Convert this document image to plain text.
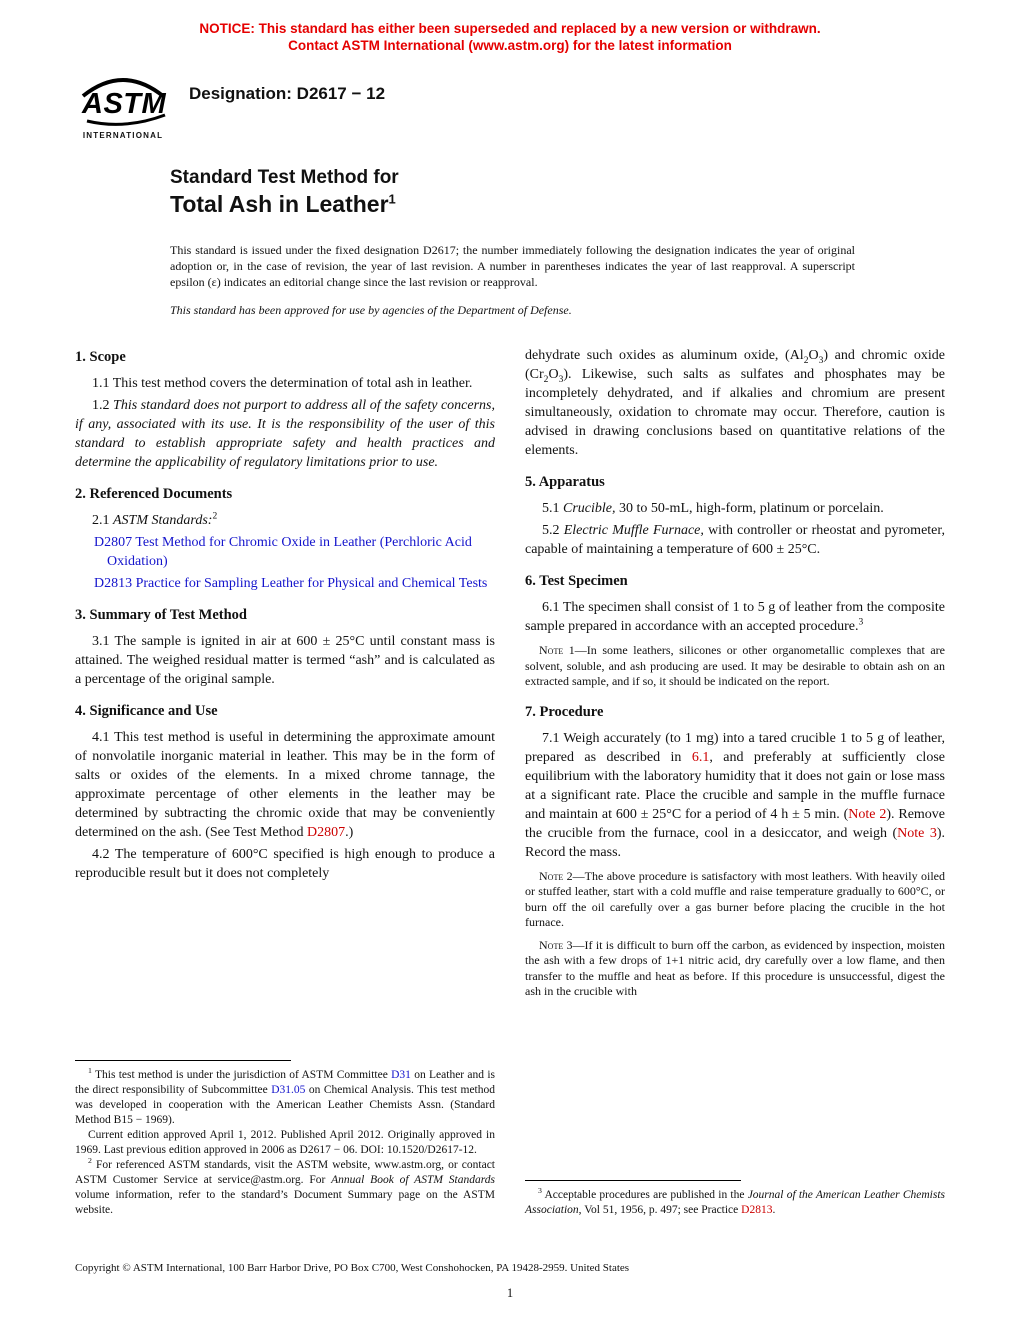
NOTICE: This standard has either been superseded and replaced by a new version or withdrawn.
Contact ASTM International (www.astm.org) for the latest information
ASTM
INTERNATIONAL
Designation: D2617 − 12
Standard Test Method for
Total Ash in Leather$^1$
This standard is issued under the fixed designation D2617; the number immediately following the designation indicates the year of original adoption or, in the case of revision, the year of last revision. A number in parentheses indicates the year of last reapproval. A superscript epsilon (ε) indicates an editorial change since the last revision or reapproval.
This standard has been approved for use by agencies of the Department of Defense.
1. Scope
1.1 This test method covers the determination of total ash in leather.
1.2 This standard does not purport to address all of the safety concerns, if any, associated with its use. It is the responsibility of the user of this standard to establish appropriate safety and health practices and determine the applicability of regulatory limitations prior to use.
2. Referenced Documents
2.1 ASTM Standards:$^2$
D2807 Test Method for Chromic Oxide in Leather (Perchloric Acid Oxidation)
D2813 Practice for Sampling Leather for Physical and Chemical Tests
3. Summary of Test Method
3.1 The sample is ignited in air at 600 ± 25°C until constant mass is attained. The weighed residual matter is termed “ash” and is calculated as a percentage of the original sample.
4. Significance and Use
4.1 This test method is useful in determining the approximate amount of nonvolatile inorganic material in leather. This may be in the form of salts or oxides of the elements. In a mixed chrome tannage, the approximate percentage of other elements in the leather may be determined by subtracting the chromic oxide that may be conveniently determined on the ash. (See Test Method D2807.)
4.2 The temperature of 600°C specified is high enough to produce a reproducible result but it does not completely
$^1$ This test method is under the jurisdiction of ASTM Committee D31 on Leather and is the direct responsibility of Subcommittee D31.05 on Chemical Analysis. This test method was developed in cooperation with the American Leather Chemists Assn. (Standard Method B15 − 1969).
Current edition approved April 1, 2012. Published April 2012. Originally approved in 1969. Last previous edition approved in 2006 as D2617 − 06. DOI: 10.1520/D2617-12.
$^2$ For referenced ASTM standards, visit the ASTM website, www.astm.org, or contact ASTM Customer Service at service@astm.org. For Annual Book of ASTM Standards volume information, refer to the standard’s Document Summary page on the ASTM website.
dehydrate such oxides as aluminum oxide, $(Al_2O_3)$ and chromic oxide $(Cr_2O_3)$. Likewise, such salts as sulfates and phosphates may be incompletely dehydrated, and if alkalies and chromium are present simultaneously, oxidation to chromate may occur. Therefore, caution is advised in drawing conclusions based on quantitative relations of the elements.
5. Apparatus
5.1 Crucible, 30 to 50-mL, high-form, platinum or porcelain.
5.2 Electric Muffle Furnace, with controller or rheostat and pyrometer, capable of maintaining a temperature of 600 ± 25°C.
6. Test Specimen
6.1 The specimen shall consist of 1 to 5 g of leather from the composite sample prepared in accordance with an accepted procedure.$^3$
Note 1—In some leathers, silicones or other organometallic complexes that are solvent, soluble, and ash producing are used. It may be desirable to obtain ash on an extracted sample, and if so, it should be indicated on the report.
7. Procedure
7.1 Weigh accurately (to 1 mg) into a tared crucible 1 to 5 g of leather, prepared as described in 6.1, and preferably at sufficiently close equilibrium with the laboratory humidity that it does not gain or lose mass at a significant rate. Place the crucible and sample in the muffle furnace and maintain at 600 ± 25°C for a period of 4 h ± 5 min. (Note 2). Remove the crucible from the furnace, cool in a desiccator, and weigh (Note 3). Record the mass.
Note 2—The above procedure is satisfactory with most leathers. With heavily oiled or stuffed leather, start with a cold muffle and raise temperature gradually to 600°C, or burn off the oil carefully over a gas burner before placing the crucible in the hot furnace.
Note 3—If it is difficult to burn off the carbon, as evidenced by inspection, moisten the ash with a few drops of 1+1 nitric acid, dry carefully over a low flame, and then transfer to the muffle and heat as before. If this procedure is unsuccessful, digest the ash in the crucible with
$^3$ Acceptable procedures are published in the Journal of the American Leather Chemists Association, Vol 51, 1956, p. 497; see Practice D2813.
Copyright © ASTM International, 100 Barr Harbor Drive, PO Box C700, West Conshohocken, PA 19428-2959. United States
1
